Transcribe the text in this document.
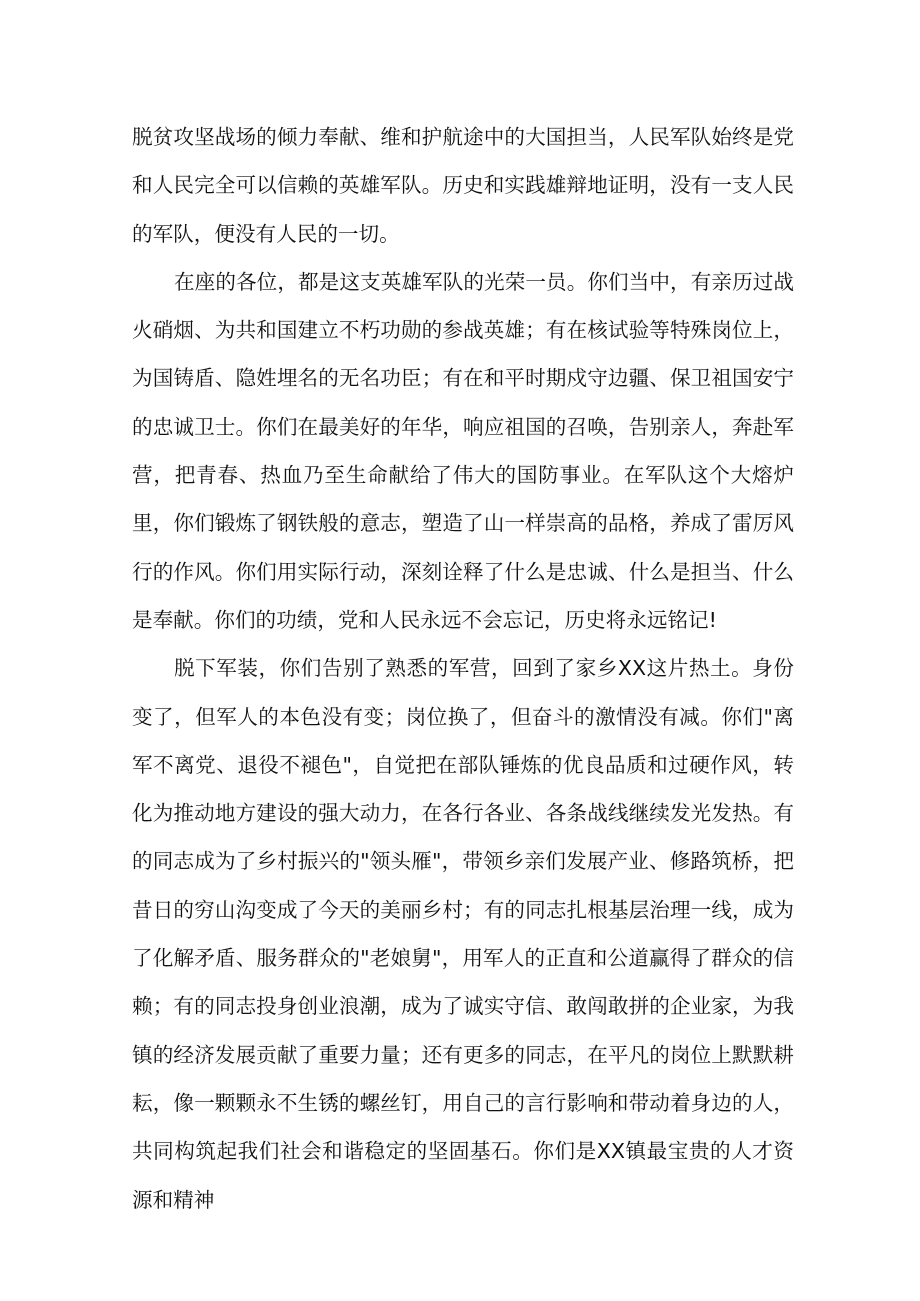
脱贫攻坚战场的倾力奉献、维和护航途中的大国担当，人民军队始终是党和人民完全可以信赖的英雄军队。历史和实践雄辩地证明，没有一支人民的军队，便没有人民的一切。

在座的各位，都是这支英雄军队的光荣一员。你们当中，有亲历过战火硝烟、为共和国建立不朽功勋的参战英雄；有在核试验等特殊岗位上，为国铸盾、隐姓埋名的无名功臣；有在和平时期戍守边疆、保卫祖国安宁的忠诚卫士。你们在最美好的年华，响应祖国的召唤，告别亲人，奔赴军营，把青春、热血乃至生命献给了伟大的国防事业。在军队这个大熔炉里，你们锻炼了钢铁般的意志，塑造了山一样崇高的品格，养成了雷厉风行的作风。你们用实际行动，深刻诠释了什么是忠诚、什么是担当、什么是奉献。你们的功绩，党和人民永远不会忘记，历史将永远铭记!

脱下军装，你们告别了熟悉的军营，回到了家乡XX这片热土。身份变了，但军人的本色没有变；岗位换了，但奋斗的激情没有减。你们"离军不离党、退役不褪色"，自觉把在部队锤炼的优良品质和过硬作风，转化为推动地方建设的强大动力，在各行各业、各条战线继续发光发热。有的同志成为了乡村振兴的"领头雁"，带领乡亲们发展产业、修路筑桥，把昔日的穷山沟变成了今天的美丽乡村；有的同志扎根基层治理一线，成为了化解矛盾、服务群众的"老娘舅"，用军人的正直和公道赢得了群众的信赖；有的同志投身创业浪潮，成为了诚实守信、敢闯敢拼的企业家，为我镇的经济发展贡献了重要力量；还有更多的同志，在平凡的岗位上默默耕耘，像一颗颗永不生锈的螺丝钉，用自己的言行影响和带动着身边的人，共同构筑起我们社会和谐稳定的坚固基石。你们是XX镇最宝贵的人才资源和精神
